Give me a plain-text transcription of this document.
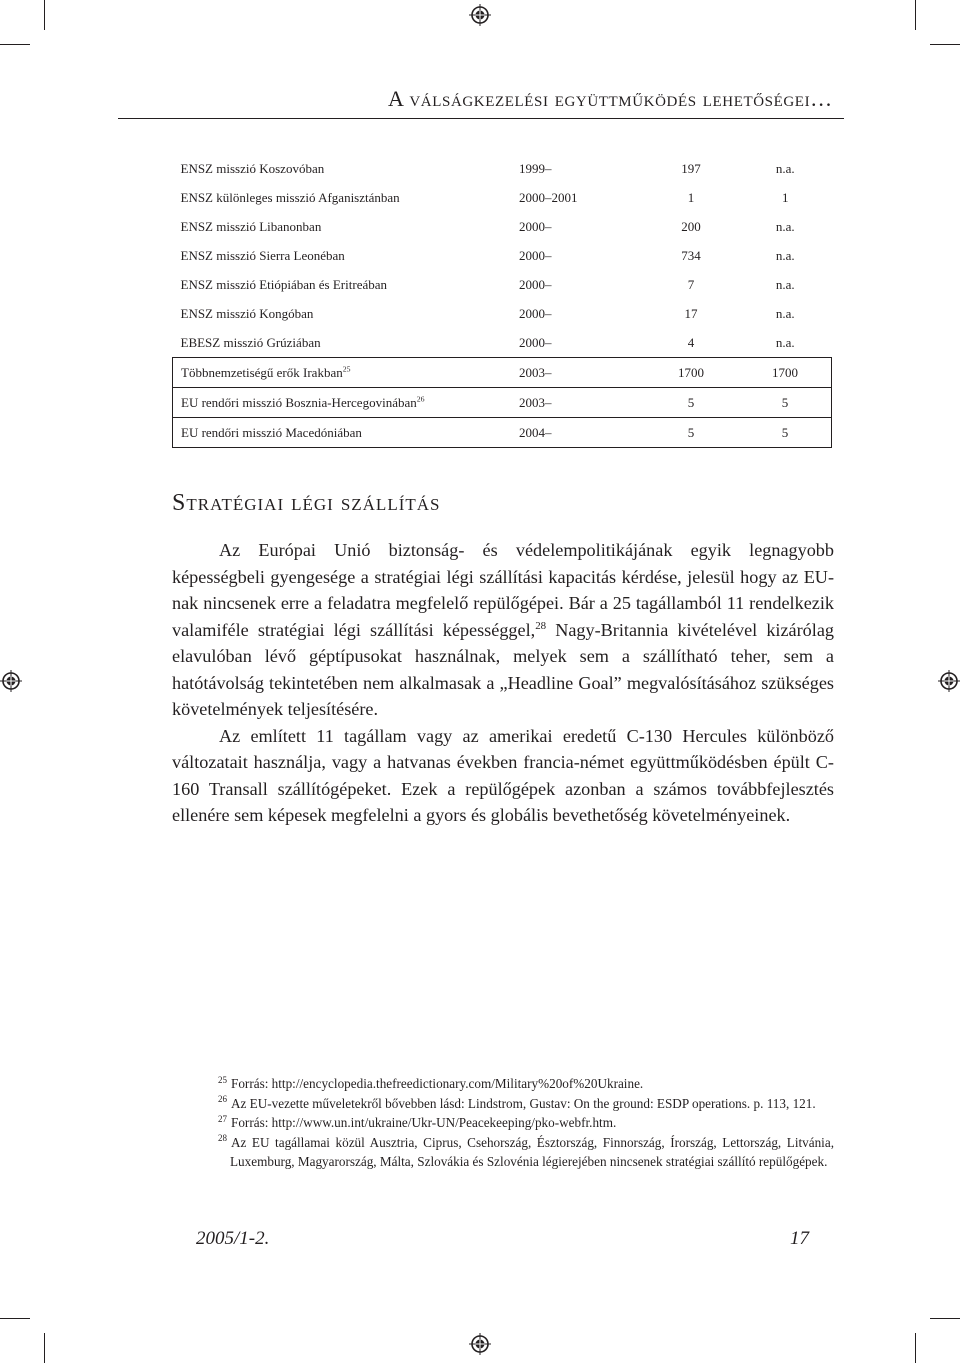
A válságkezelési együttműködés lehetőségei…
ENSZ misszió Koszovóban	1999–	197	n.a.
ENSZ különleges misszió Afganisztánban	2000–2001	1	1
ENSZ misszió Libanonban	2000–	200	n.a.
ENSZ misszió Sierra Leonéban	2000–	734	n.a.
ENSZ misszió Etiópiában és Eritreában	2000–	7	n.a.
ENSZ misszió Kongóban	2000–	17	n.a.
EBESZ misszió Grúziában	2000–	4	n.a.
Többnemzetiségű erők Irakban$^{25}$	2003–	1700	1700
EU rendőri misszió Bosznia-Hercegovinában$^{26}$	2003–	5	5
EU rendőri misszió Macedóniában	2004–	5	5
Stratégiai légi szállítás

Az Európai Unió biztonság- és védelempolitikájának egyik legnagyobb képességbeli gyengesége a stratégiai légi szállítási kapacitás kérdése, jelesül hogy az EU-nak nincsenek erre a feladatra megfelelő repülőgépei. Bár a 25 tagállamból 11 rendelkezik valamiféle stratégiai légi szállítási képességgel,$^{28}$ Nagy-Britannia kivételével kizárólag elavulóban lévő géptípusokat használnak, melyek sem a szállítható teher, sem a hatótávolság tekintetében nem alkalmasak a „Headline Goal” megvalósításához szükséges követelmények teljesítésére.

Az említett 11 tagállam vagy az amerikai eredetű C-130 Hercules különböző változatait használja, vagy a hatvanas években francia-német együttműködésben épült C-160 Transall szállítógépeket. Ezek a repülőgépek azonban a számos továbbfejlesztés ellenére sem képesek megfelelni a gyors és globális bevethetőség követelményeinek.

$^{25}$ Forrás: http://encyclopedia.thefreedictionary.com/Military%20of%20Ukraine.

$^{26}$ Az EU-vezette műveletekről bővebben lásd: Lindstrom, Gustav: On the ground: ESDP operations. p. 113, 121.

$^{27}$ Forrás: http://www.un.int/ukraine/Ukr-UN/Peacekeeping/pko-webfr.htm.

$^{28}$ Az EU tagállamai közül Ausztria, Ciprus, Csehország, Észtország, Finnország, Írország, Lettország, Litvánia, Luxemburg, Magyarország, Málta, Szlovákia és Szlovénia légierejében nincsenek stratégiai szállító repülőgépek.

2005/1-2.	17
